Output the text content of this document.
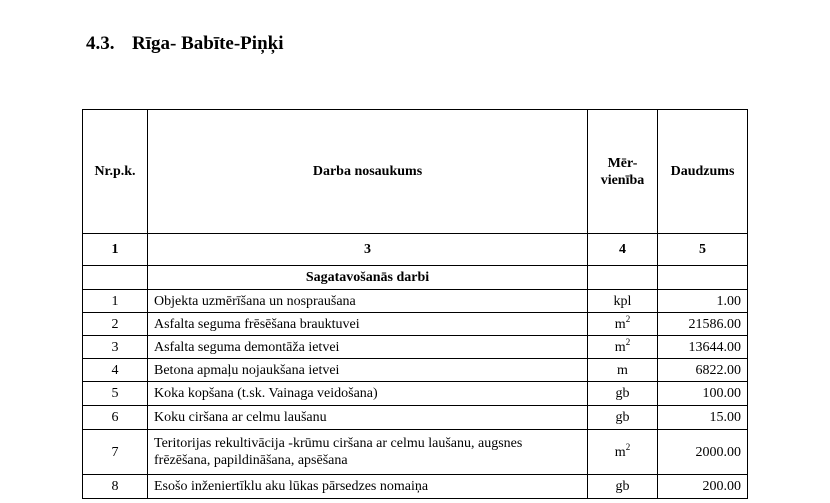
4.3. Rīga- Babīte-Piņķi
Nr.p.k.	Darba nosaukums	Mēr-
vienība	Daudzums
1	3	4	5
	Sagatavošanās darbi		
1	Objekta uzmērīšana un nospraušana	kpl	1.00
2	Asfalta seguma frēsēšana brauktuvei	$m^2$	21586.00
3	Asfalta seguma demontāža ietvei	$m^2$	13644.00
4	Betona apmaļu nojaukšana ietvei	m	6822.00
5	Koka kopšana (t.sk. Vainaga veidošana)	gb	100.00
6	Koku ciršana ar celmu laušanu	gb	15.00
7	Teritorijas rekultivācija -krūmu ciršana ar celmu laušanu, augsnes
frēzēšana, papildināšana, apsēšana	$m^2$	2000.00
8	Esošo inženiertīklu aku lūkas pārsedzes nomaiņa	gb	200.00
